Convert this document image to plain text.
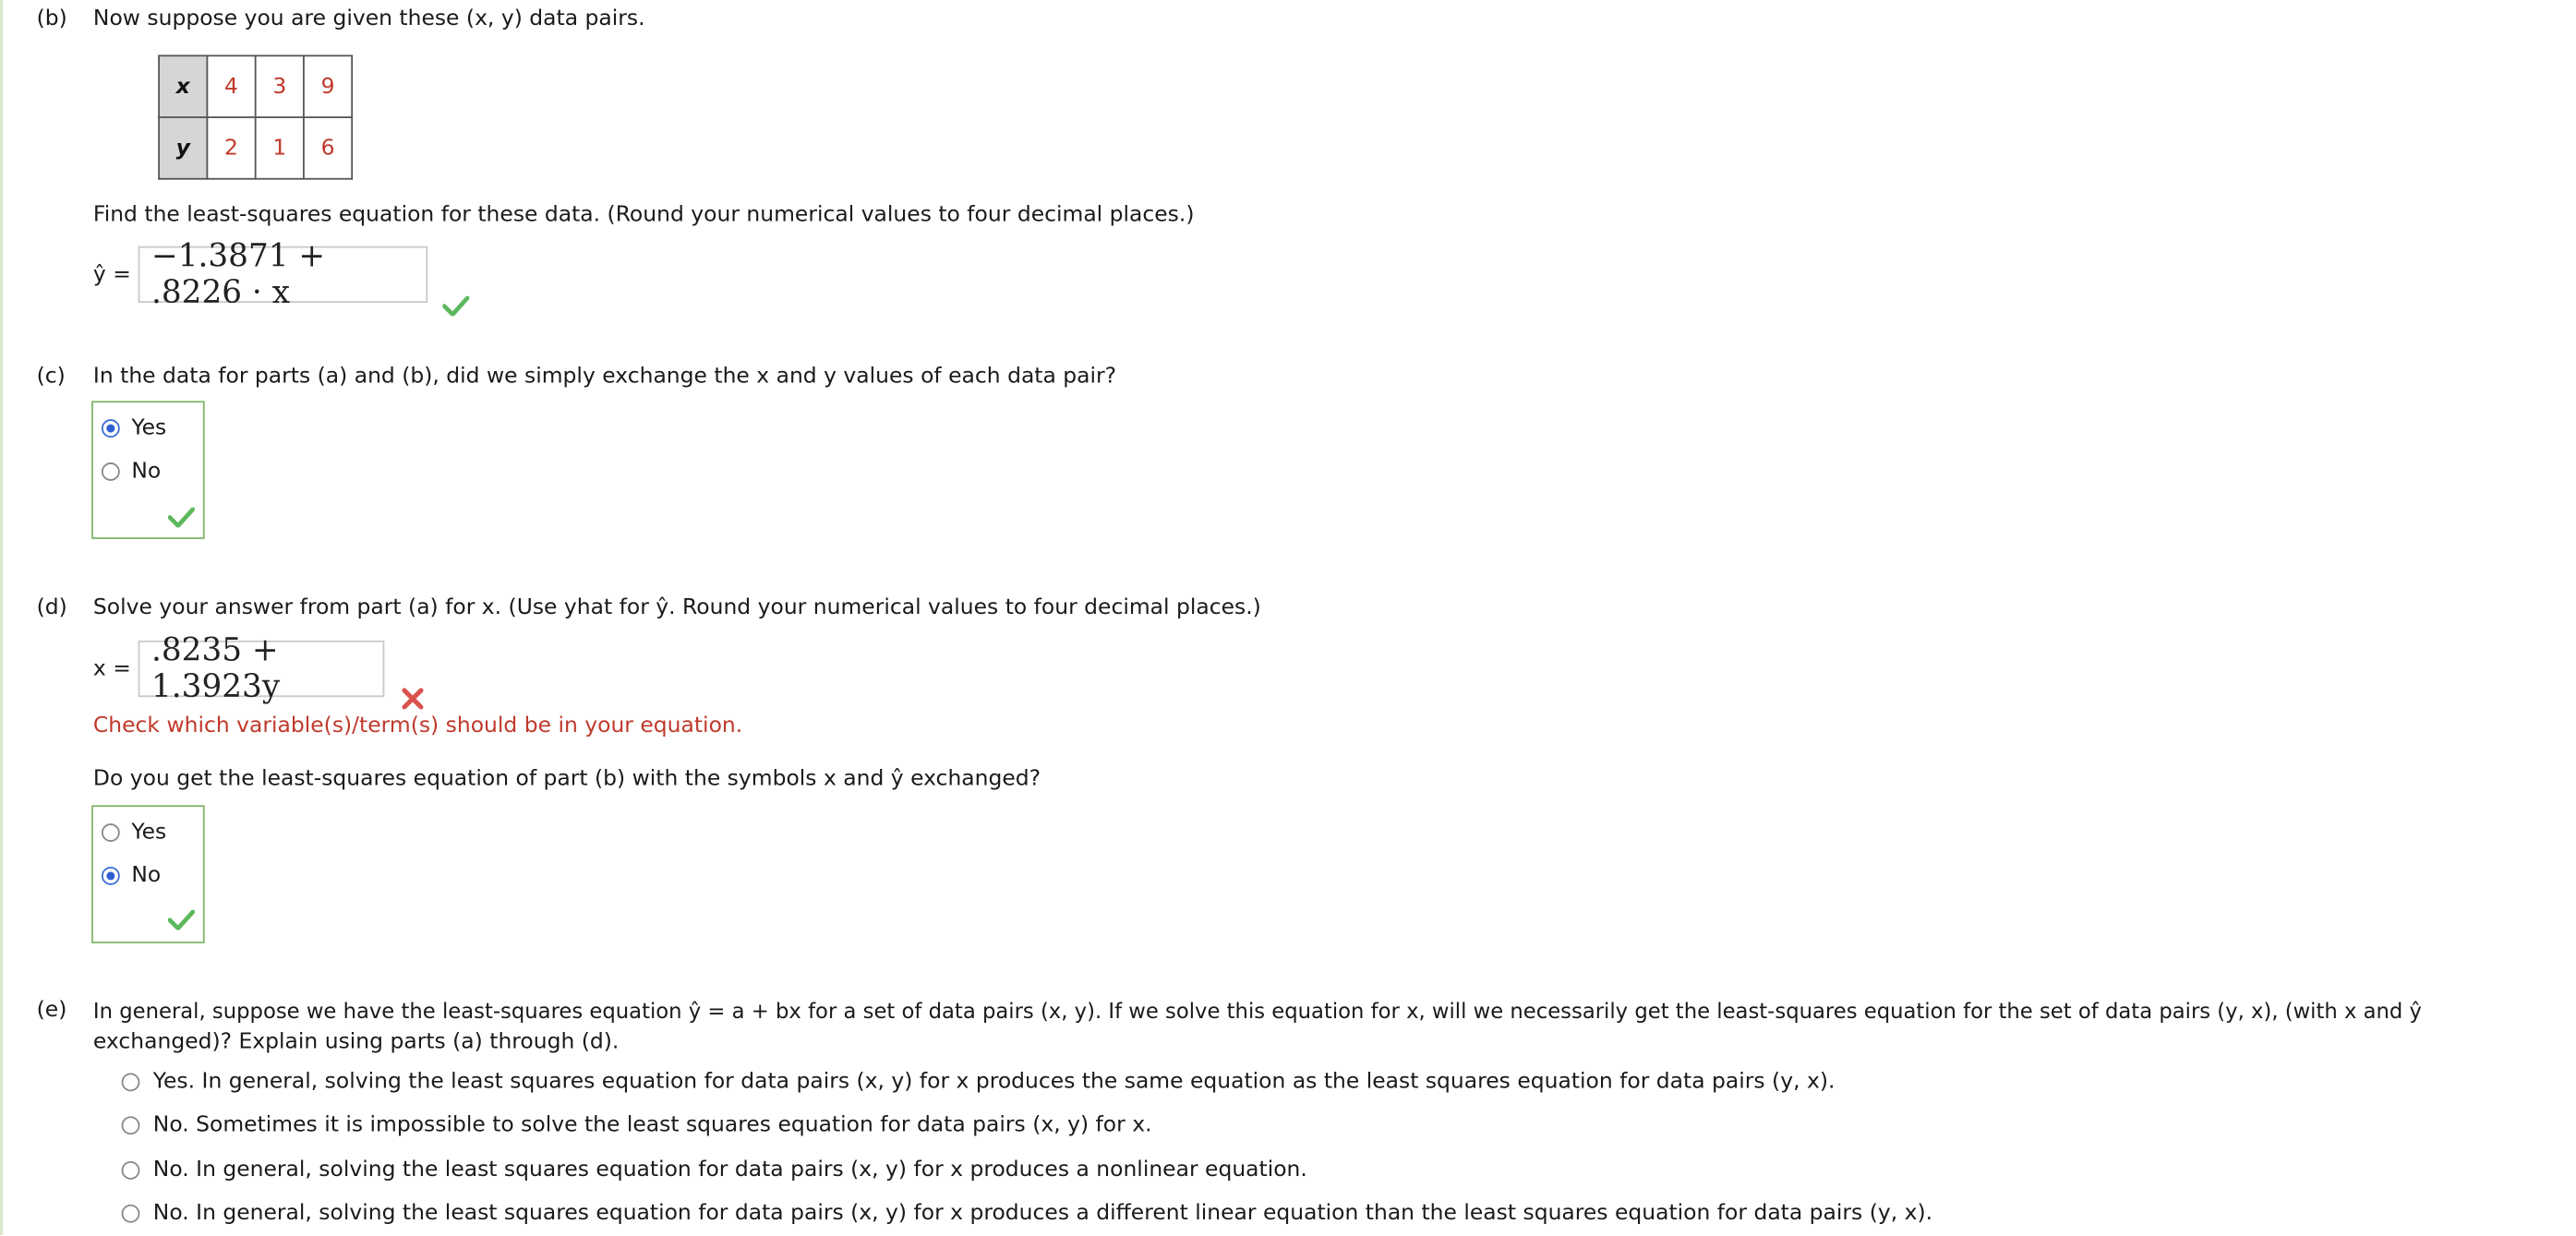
(b) Now suppose you are given these (x, y) data pairs.
x	4	3	9
y	2	1	6
Find the least-squares equation for these data. (Round your numerical values to four decimal places.)
ŷ =
−1.3871 + .8226 · x
(c) In the data for parts (a) and (b), did we simply exchange the x and y values of each data pair?
Yes
No
(d) Solve your answer from part (a) for x. (Use yhat for ŷ. Round your numerical values to four decimal places.)
x =
.8235 + 1.3923y
Check which variable(s)/term(s) should be in your equation.
Do you get the least-squares equation of part (b) with the symbols x and ŷ exchanged?
Yes
No
(e) In general, suppose we have the least-squares equation ŷ = a + bx for a set of data pairs (x, y). If we solve this equation for x, will we necessarily get the least-squares equation for the set of data pairs (y, x), (with x and ŷ
exchanged)? Explain using parts (a) through (d).
Yes. In general, solving the least squares equation for data pairs (x, y) for x produces the same equation as the least squares equation for data pairs (y, x).
No. Sometimes it is impossible to solve the least squares equation for data pairs (x, y) for x.
No. In general, solving the least squares equation for data pairs (x, y) for x produces a nonlinear equation.
No. In general, solving the least squares equation for data pairs (x, y) for x produces a different linear equation than the least squares equation for data pairs (y, x).
